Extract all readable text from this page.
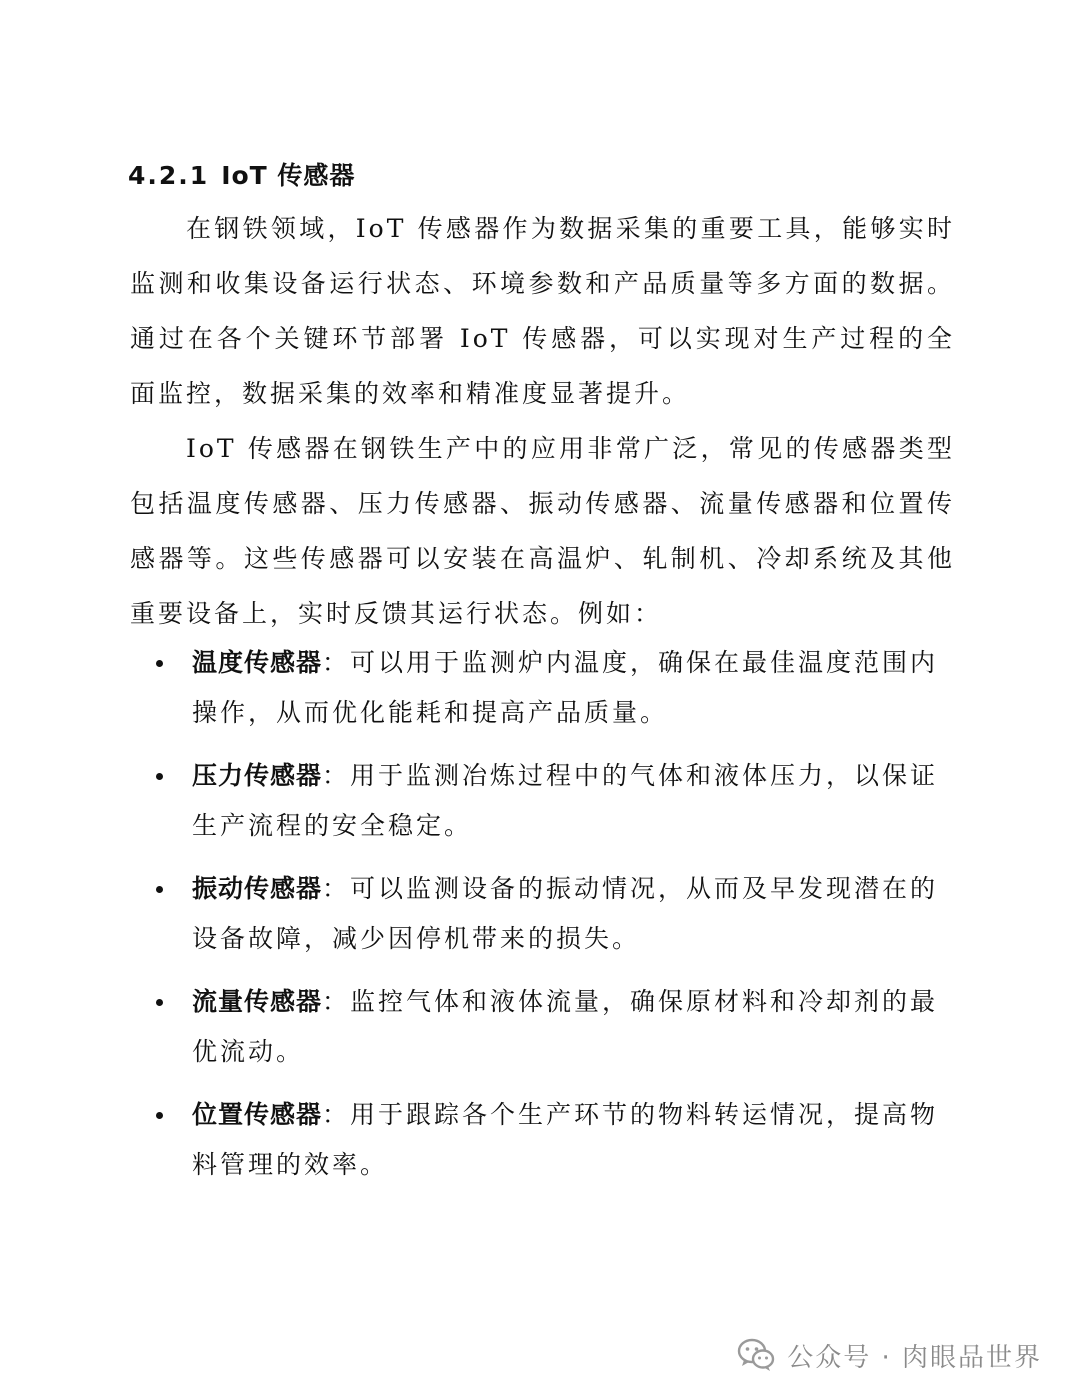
4.2.1 IoT 传感器

在钢铁领域，IoT 传感器作为数据采集的重要工具，能够实时监测和收集设备运行状态、环境参数和产品质量等多方面的数据。通过在各个关键环节部署 IoT 传感器，可以实现对生产过程的全面监控，数据采集的效率和精准度显著提升。

IoT 传感器在钢铁生产中的应用非常广泛，常见的传感器类型包括温度传感器、压力传感器、振动传感器、流量传感器和位置传感器等。这些传感器可以安装在高温炉、轧制机、冷却系统及其他重要设备上，实时反馈其运行状态。例如：

温度传感器：可以用于监测炉内温度，确保在最佳温度范围内操作，从而优化能耗和提高产品质量。
压力传感器：用于监测冶炼过程中的气体和液体压力，以保证生产流程的安全稳定。
振动传感器：可以监测设备的振动情况，从而及早发现潜在的设备故障，减少因停机带来的损失。
流量传感器：监控气体和液体流量，确保原材料和冷却剂的最优流动。
位置传感器：用于跟踪各个生产环节的物料转运情况，提高物料管理的效率。
公众号 · 肉眼品世界
